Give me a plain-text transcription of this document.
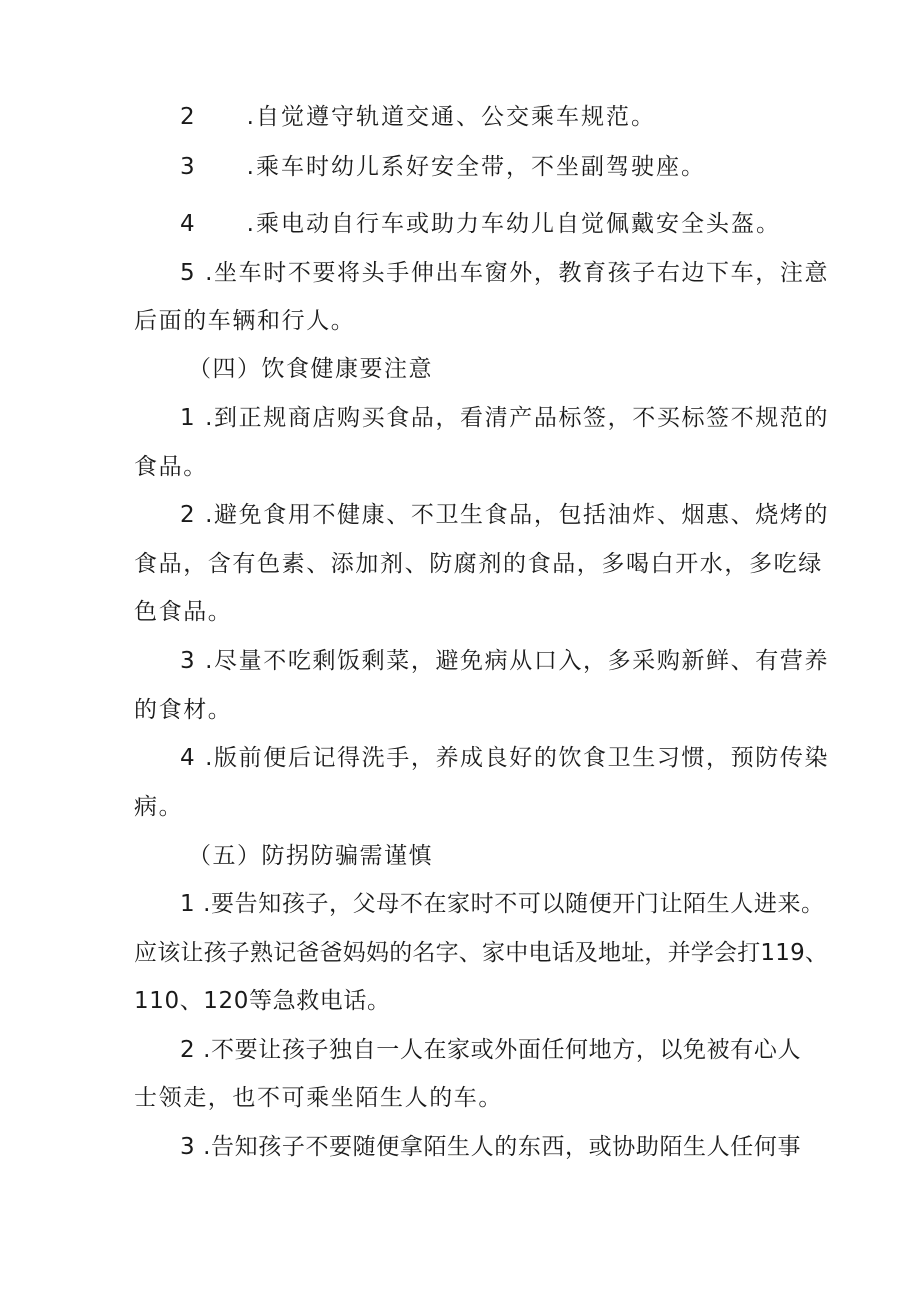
2　　.自觉遵守轨道交通、公交乘车规范。
3　　.乘车时幼儿系好安全带，不坐副驾驶座。
4　　.乘电动自行车或助力车幼儿自觉佩戴安全头盔。
5 .坐车时不要将头手伸出车窗外，教育孩子右边下车，注意
后面的车辆和行人。
（四）饮食健康要注意
1 .到正规商店购买食品，看清产品标签，不买标签不规范的
食品。
2 .避免食用不健康、不卫生食品，包括油炸、烟惠、烧烤的
食品，含有色素、添加剂、防腐剂的食品，多喝白开水，多吃绿
色食品。
3 .尽量不吃剩饭剩菜，避免病从口入，多采购新鲜、有营养
的食材。
4 .版前便后记得洗手，养成良好的饮食卫生习惯，预防传染
病。
（五）防拐防骗需谨慎
1 .要告知孩子，父母不在家时不可以随便开门让陌生人进来。
应该让孩子熟记爸爸妈妈的名字、家中电话及地址，并学会打119、
110、120等急救电话。
2 .不要让孩子独自一人在家或外面任何地方，以免被有心人
士领走，也不可乘坐陌生人的车。
3 .告知孩子不要随便拿陌生人的东西，或协助陌生人任何事
